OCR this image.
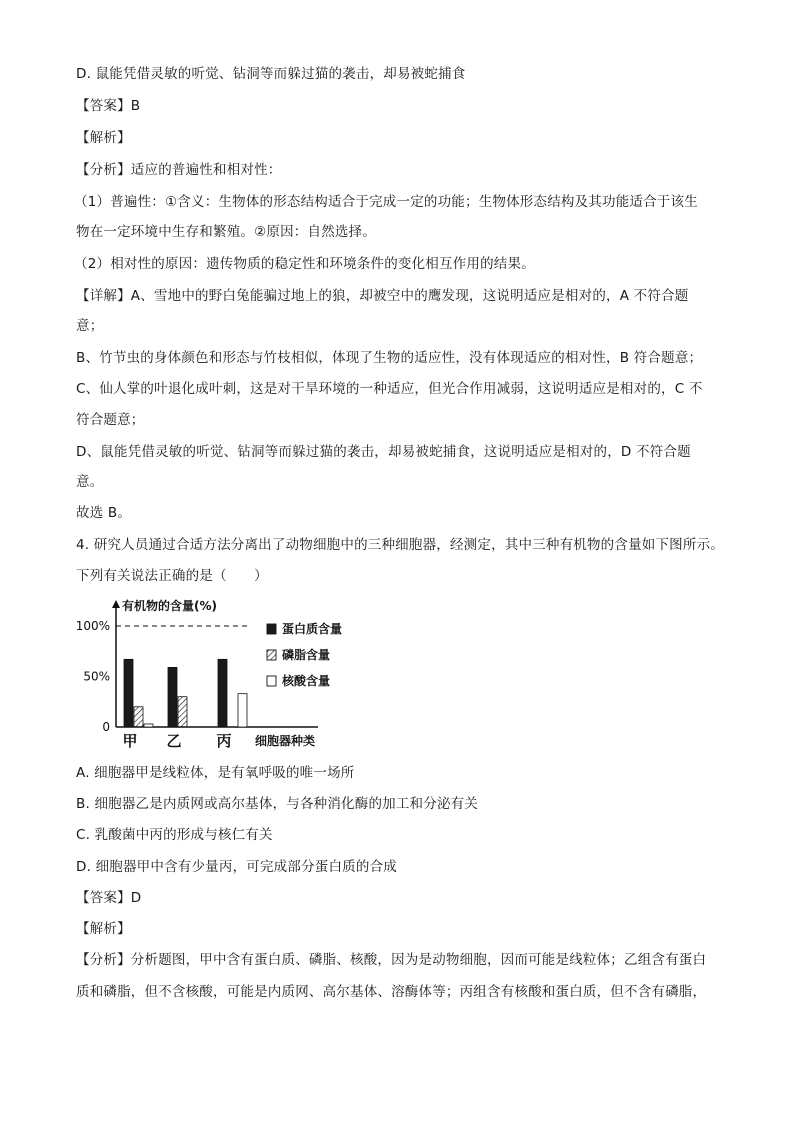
D. 鼠能凭借灵敏的听觉、钻洞等而躲过猫的袭击，却易被蛇捕食
【答案】B
【解析】
【分析】适应的普遍性和相对性：
（1）普遍性：①含义：生物体的形态结构适合于完成一定的功能；生物体形态结构及其功能适合于该生
物在一定环境中生存和繁殖。②原因：自然选择。
（2）相对性的原因：遗传物质的稳定性和环境条件的变化相互作用的结果。
【详解】A、雪地中的野白兔能骗过地上的狼，却被空中的鹰发现，这说明适应是相对的，A 不符合题
意；
B、竹节虫的身体颜色和形态与竹枝相似，体现了生物的适应性，没有体现适应的相对性，B 符合题意；
C、仙人掌的叶退化成叶刺，这是对干旱环境的一种适应，但光合作用减弱，这说明适应是相对的，C 不
符合题意；
D、鼠能凭借灵敏的听觉、钻洞等而躲过猫的袭击，却易被蛇捕食，这说明适应是相对的，D 不符合题
意。
故选 B。
4. 研究人员通过合适方法分离出了动物细胞中的三种细胞器，经测定，其中三种有机物的含量如下图所示。
下列有关说法正确的是（　　）
有机物的含量(%)
100%
50%
0
甲 乙 丙 细胞器种类
蛋白质含量
磷脂含量
核酸含量
A. 细胞器甲是线粒体，是有氧呼吸的唯一场所
B. 细胞器乙是内质网或高尔基体，与各种消化酶的加工和分泌有关
C. 乳酸菌中丙的形成与核仁有关
D. 细胞器甲中含有少量丙，可完成部分蛋白质的合成
【答案】D
【解析】
【分析】分析题图，甲中含有蛋白质、磷脂、核酸，因为是动物细胞，因而可能是线粒体；乙组含有蛋白
质和磷脂，但不含核酸，可能是内质网、高尔基体、溶酶体等；丙组含有核酸和蛋白质，但不含有磷脂，
